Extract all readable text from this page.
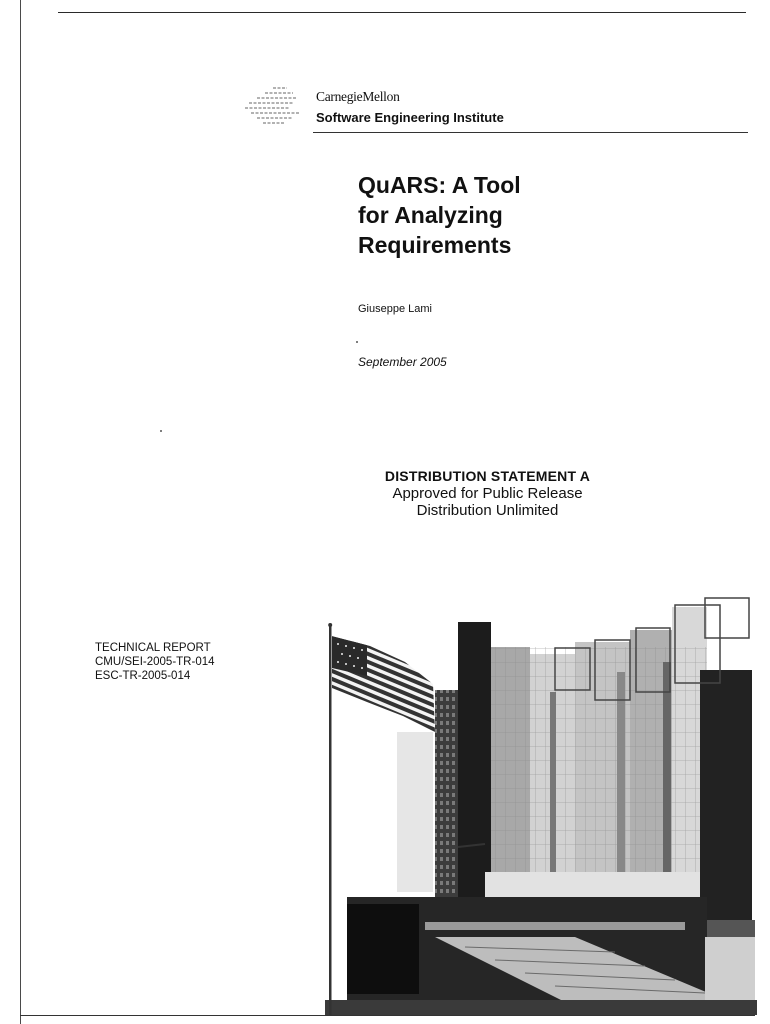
CarnegieMellon
Software Engineering Institute
QuARS: A Tool
for Analyzing
Requirements
Giuseppe Lami
September 2005
DISTRIBUTION STATEMENT A
Approved for Public Release
Distribution Unlimited
TECHNICAL REPORT
CMU/SEI-2005-TR-014
ESC-TR-2005-014
